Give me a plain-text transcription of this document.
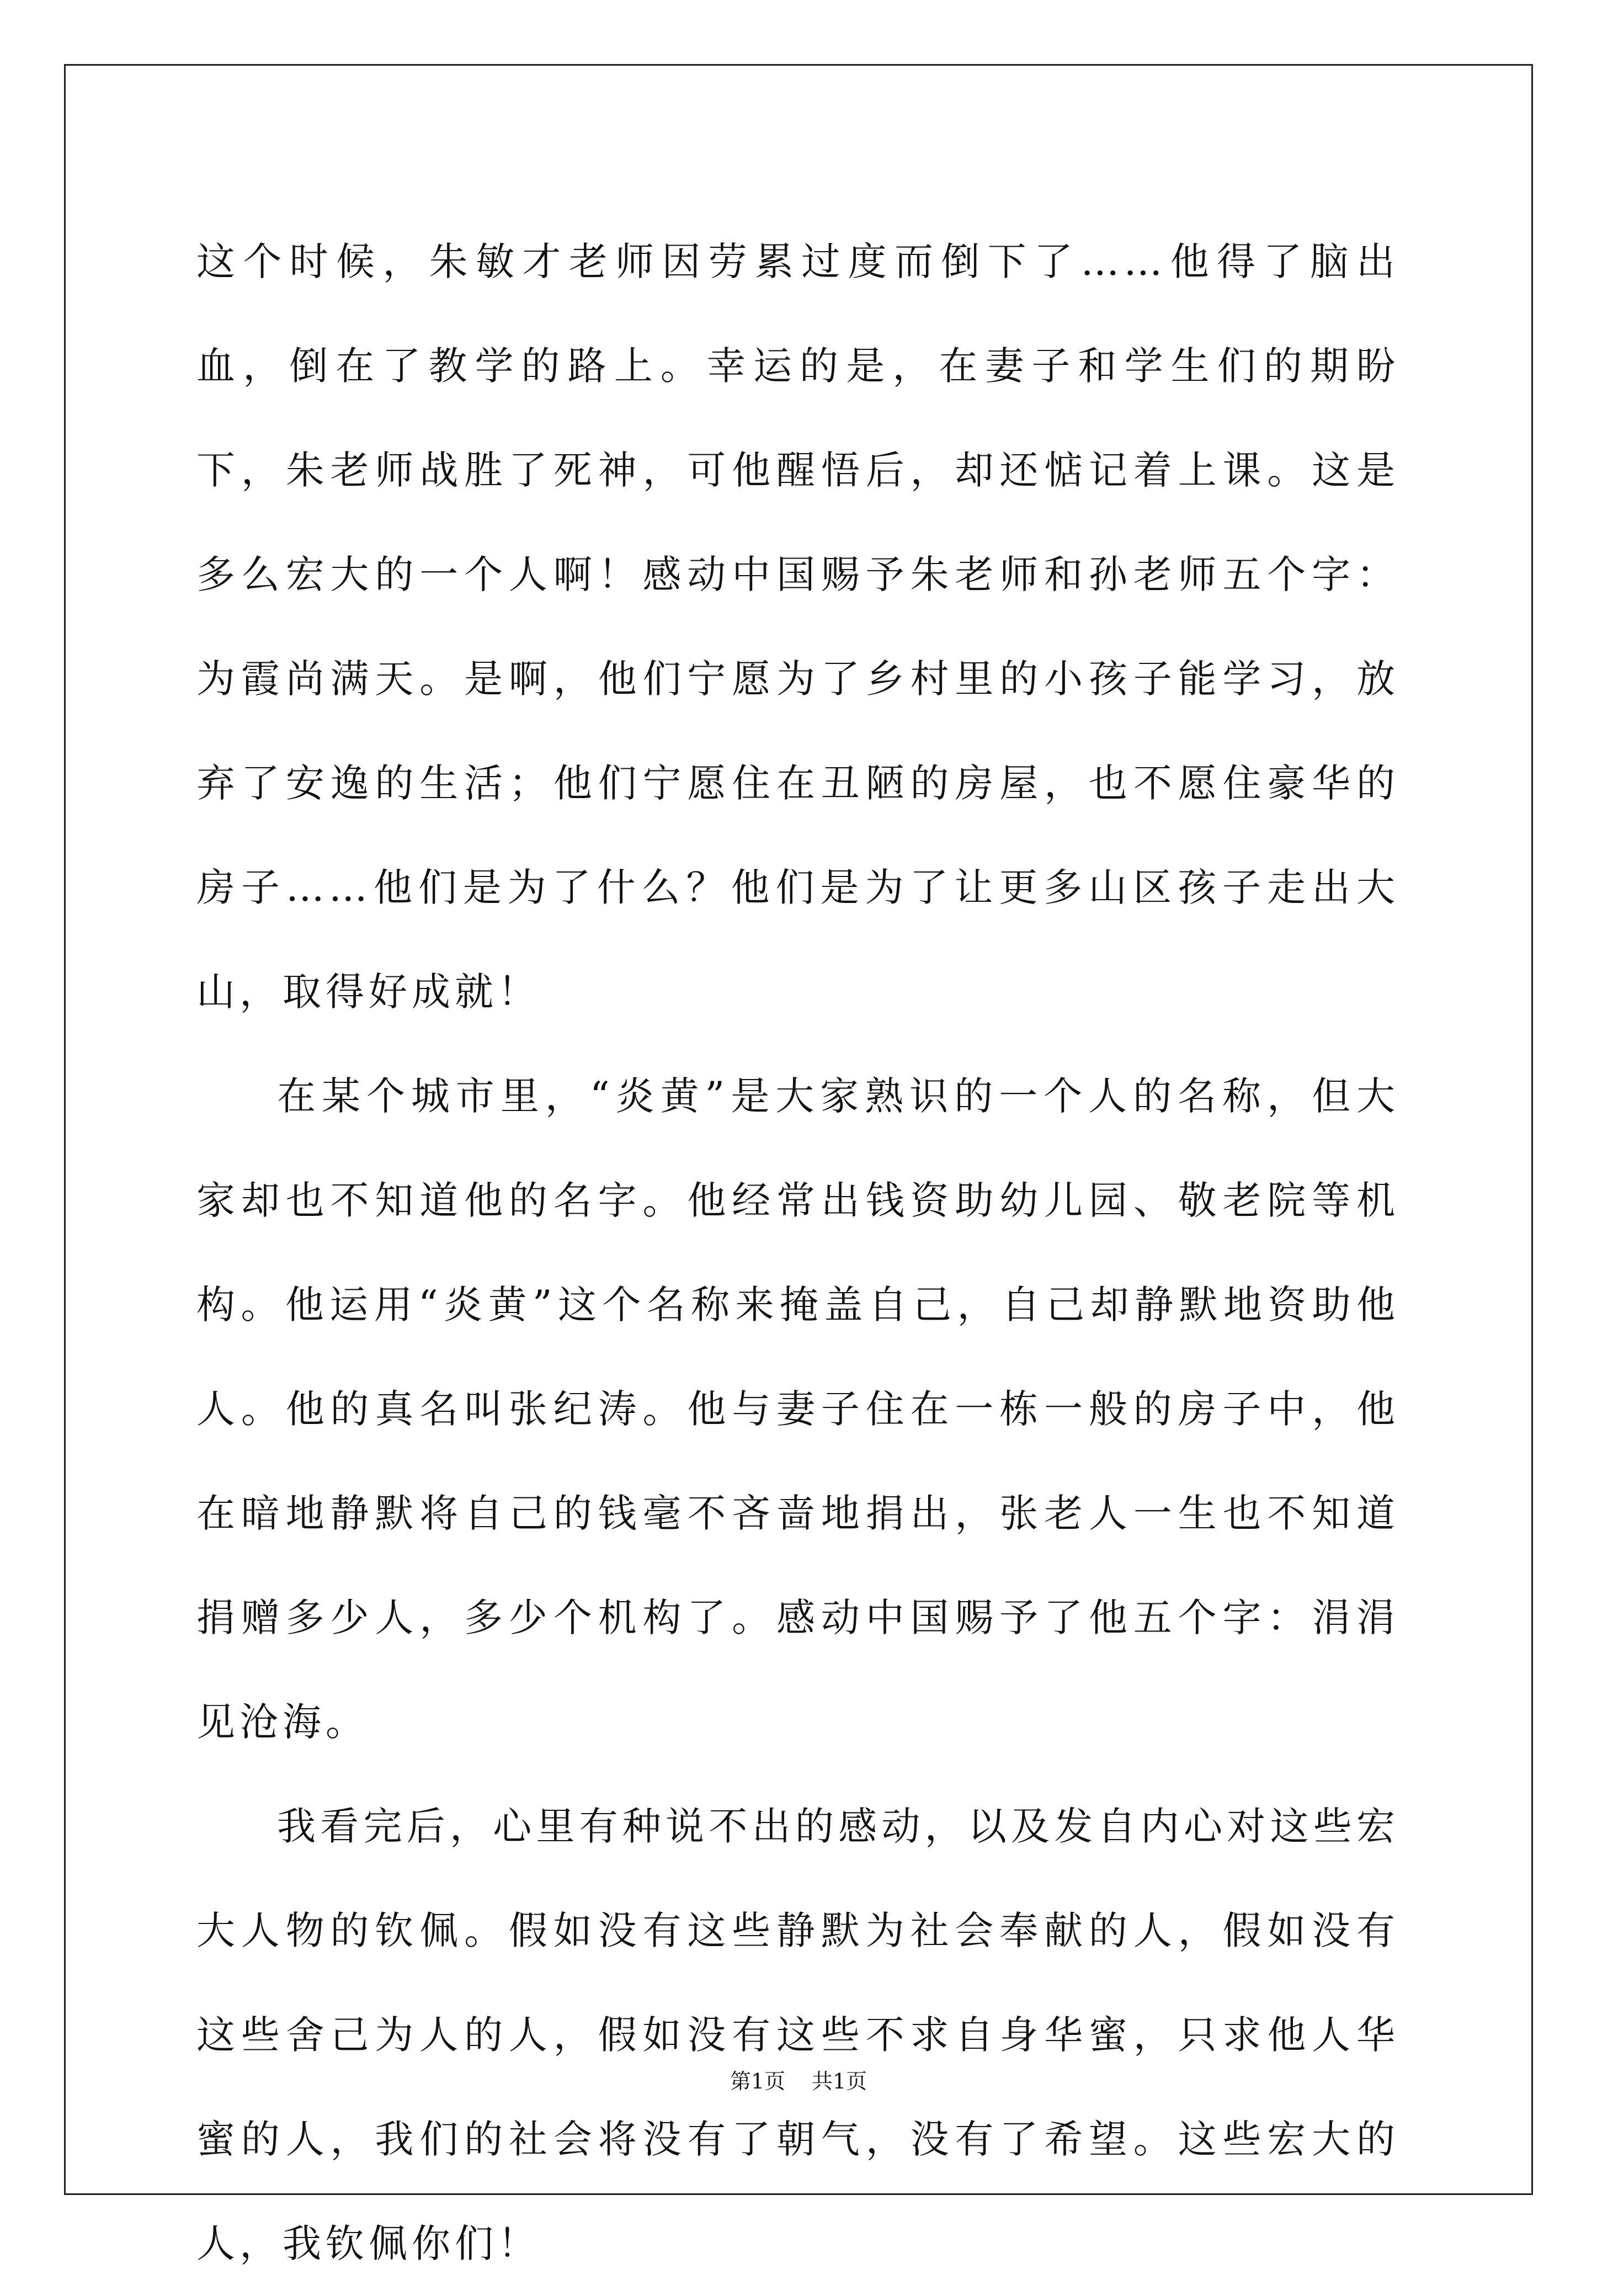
这个时候，朱敏才老师因劳累过度而倒下了……他得了脑出血，倒在了教学的路上。幸运的是，在妻子和学生们的期盼下，朱老师战胜了死神，可他醒悟后，却还惦记着上课。这是多么宏大的一个人啊！感动中国赐予朱老师和孙老师五个字：为霞尚满天。是啊，他们宁愿为了乡村里的小孩子能学习，放弃了安逸的生活；他们宁愿住在丑陋的房屋，也不愿住豪华的房子……他们是为了什么？他们是为了让更多山区孩子走出大山，取得好成就！

在某个城市里，“炎黄”是大家熟识的一个人的名称，但大家却也不知道他的名字。他经常出钱资助幼儿园、敬老院等机构。他运用“炎黄”这个名称来掩盖自己，自己却静默地资助他人。他的真名叫张纪涛。他与妻子住在一栋一般的房子中，他在暗地静默将自己的钱毫不吝啬地捐出，张老人一生也不知道捐赠多少人，多少个机构了。感动中国赐予了他五个字：涓涓见沧海。

我看完后，心里有种说不出的感动，以及发自内心对这些宏大人物的钦佩。假如没有这些静默为社会奉献的人，假如没有这些舍己为人的人，假如没有这些不求自身华蜜，只求他人华蜜的人，我们的社会将没有了朝气，没有了希望。这些宏大的人，我钦佩你们！

第1页 共1页
